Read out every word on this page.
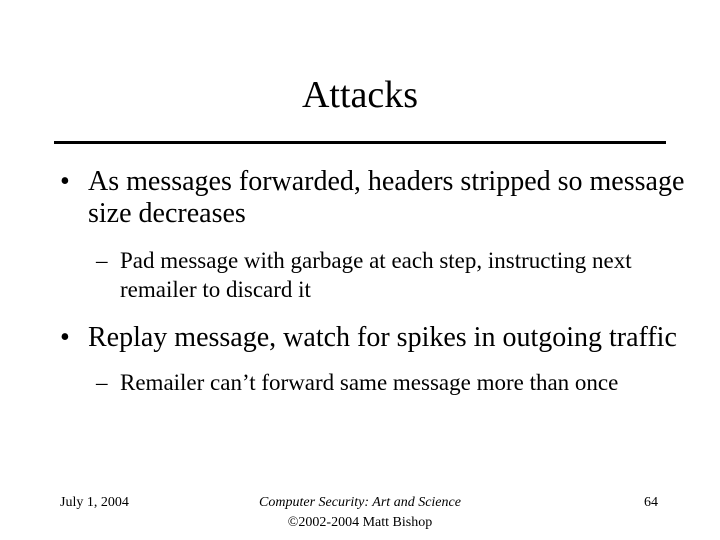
Attacks
• As messages forwarded, headers stripped so message size decreases
– Pad message with garbage at each step, instructing next remailer to discard it
• Replay message, watch for spikes in outgoing traffic
– Remailer can’t forward same message more than once
July 1, 2004	Computer Security: Art and Science
©2002-2004 Matt Bishop
64
